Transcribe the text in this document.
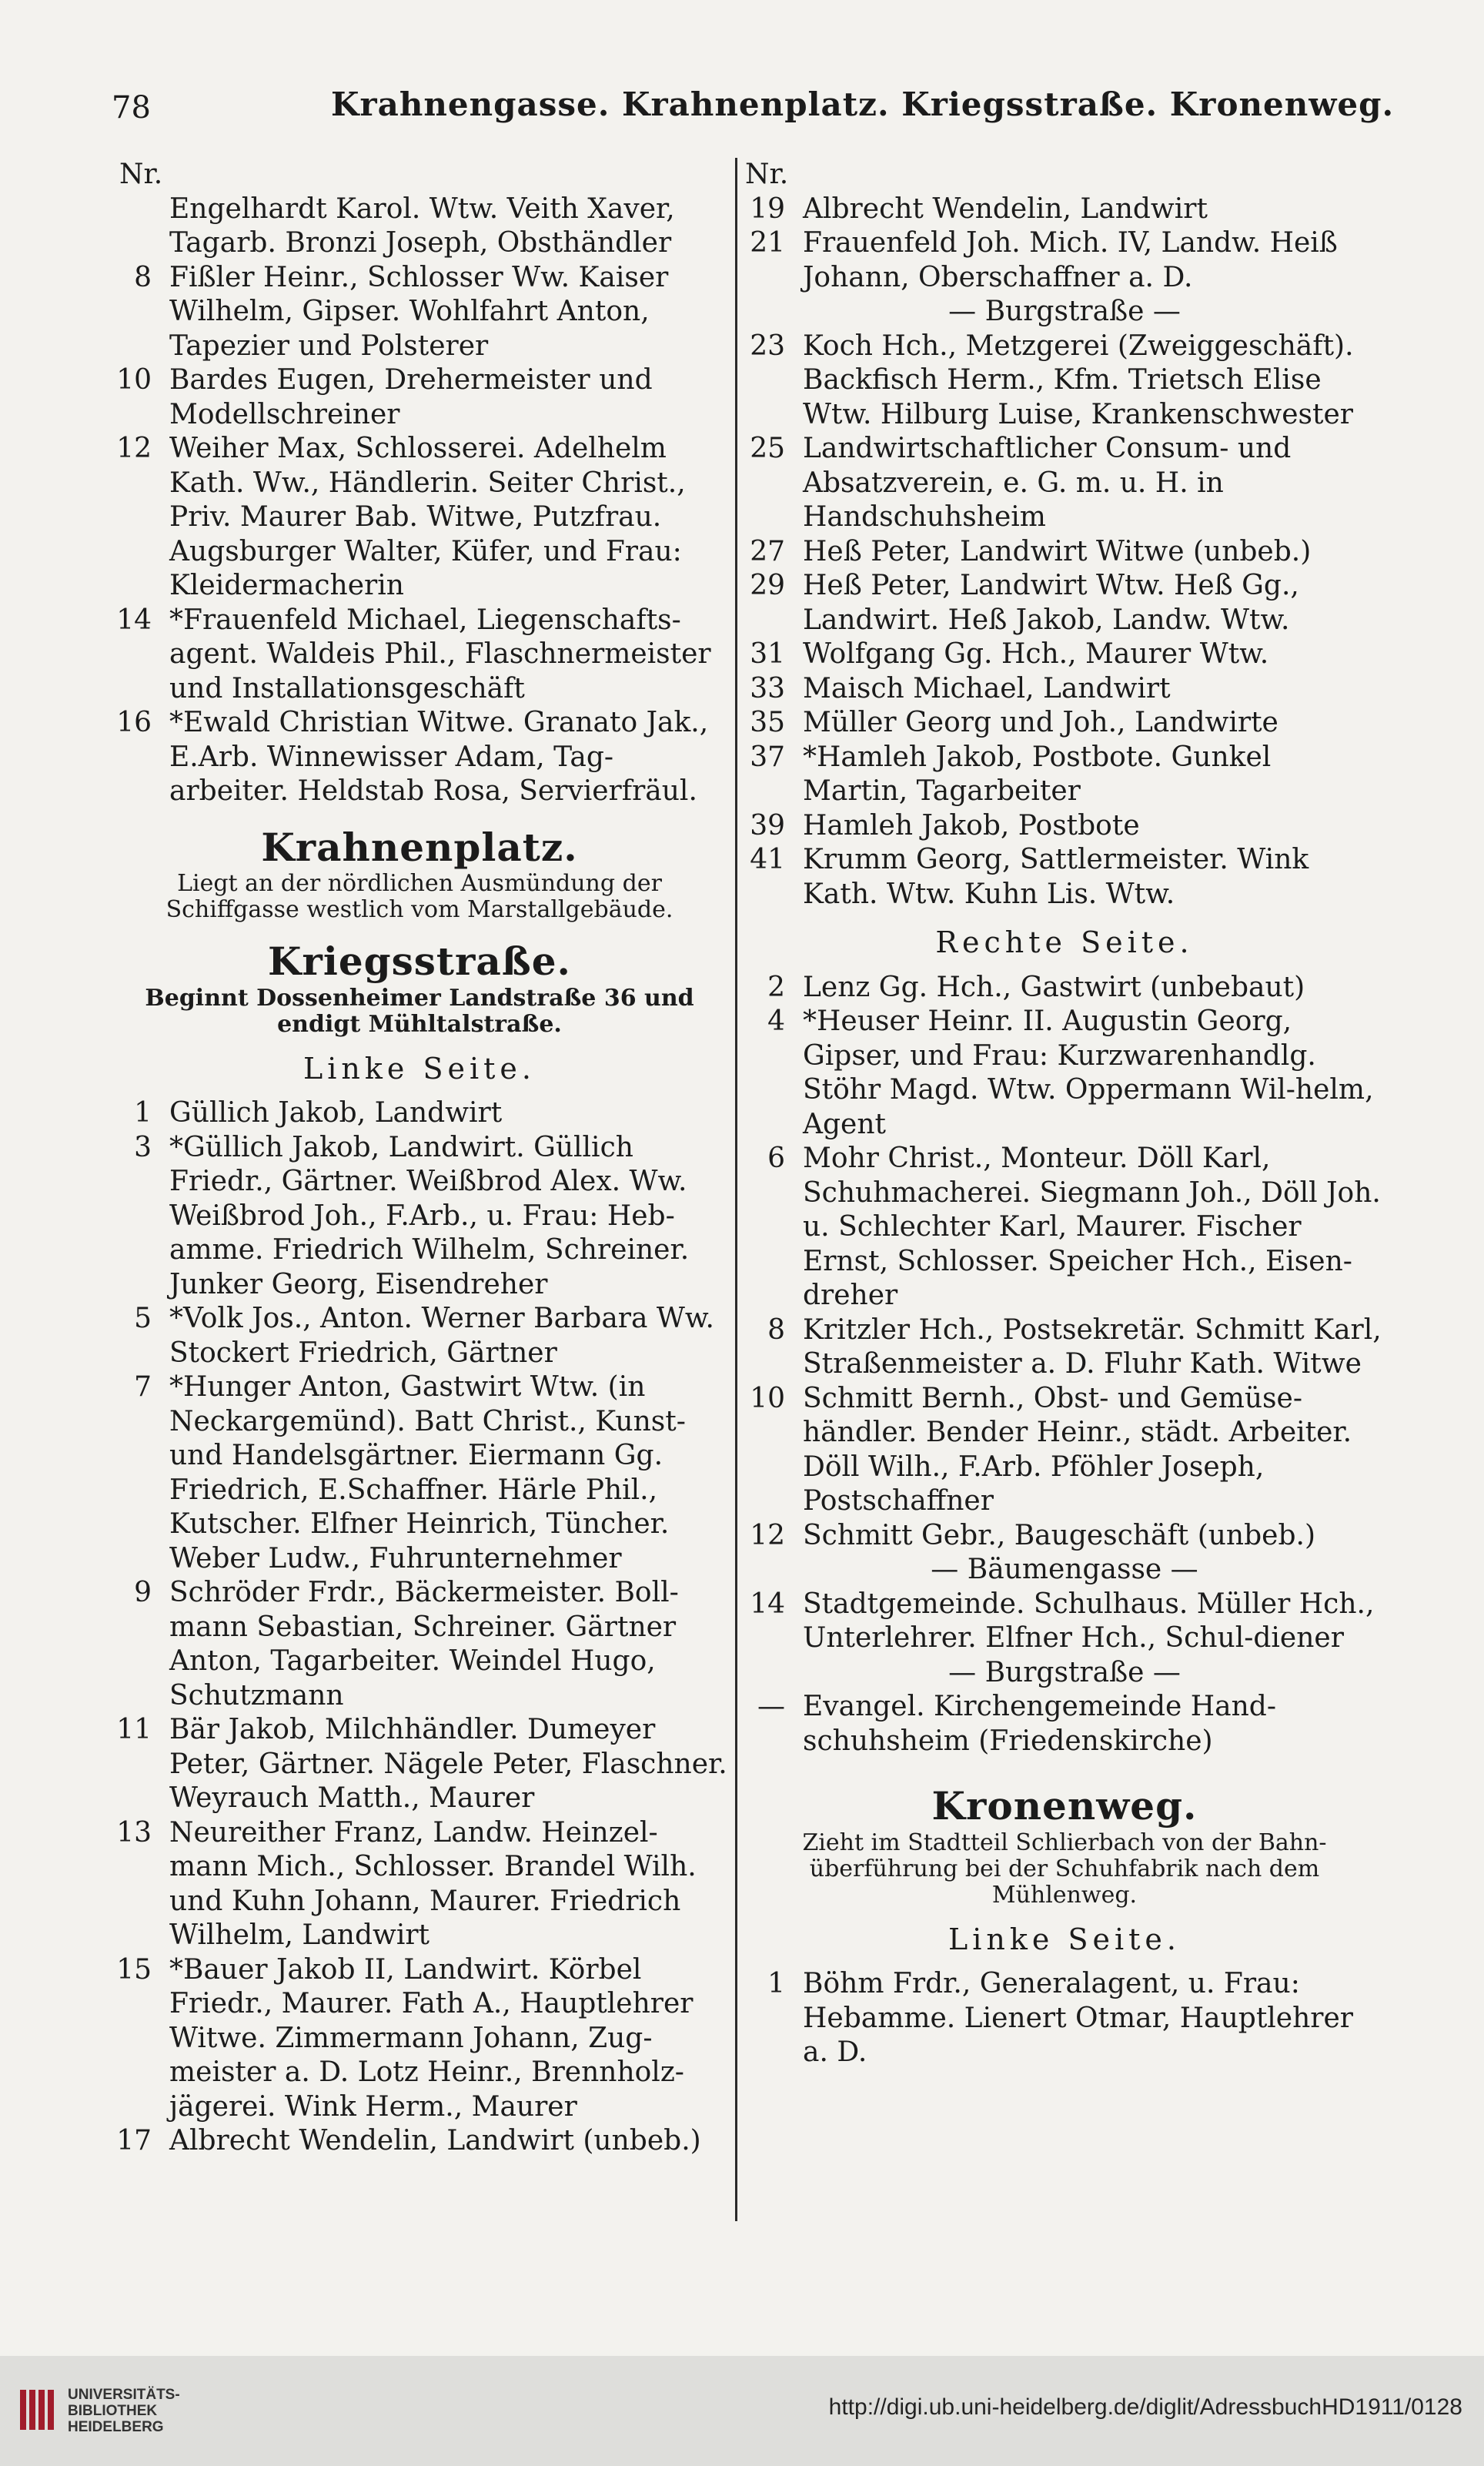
78	Krahnengasse. Krahnenplatz. Kriegsstraße. Kronenweg.

Nr.

Engelhardt Karol. Wtw. Veith Xaver, Tagarb. Bronzi Joseph, Obsthändler

8 Fißler Heinr., Schlosser Ww. Kaiser Wilhelm, Gipser. Wohlfahrt Anton, Tapezier und Polsterer

10 Bardes Eugen, Drehermeister und Modellschreiner

12 Weiher Max, Schlosserei. Adelhelm Kath. Ww., Händlerin. Seiter Christ., Priv. Maurer Bab. Witwe, Putzfrau. Augsburger Walter, Küfer, und Frau: Kleidermacherin

14 *Frauenfeld Michael, Liegenschafts-agent. Waldeis Phil., Flaschnermeister und Installationsgeschäft

16 *Ewald Christian Witwe. Granato Jak., E.Arb. Winnewisser Adam, Tag-arbeiter. Heldstab Rosa, Servierfräul.

Krahnenplatz.

Liegt an der nördlichen Ausmündung der Schiffgasse westlich vom Marstallgebäude.

Kriegsstraße.

Beginnt Dossenheimer Landstraße 36 und endigt Mühltalstraße.

Linke Seite.

1 Güllich Jakob, Landwirt

3 *Güllich Jakob, Landwirt. Güllich Friedr., Gärtner. Weißbrod Alex. Ww. Weißbrod Joh., F.Arb., u. Frau: Heb-amme. Friedrich Wilhelm, Schreiner. Junker Georg, Eisendreher

5 *Volk Jos., Anton. Werner Barbara Ww. Stockert Friedrich, Gärtner

7 *Hunger Anton, Gastwirt Wtw. (in Neckargemünd). Batt Christ., Kunst- und Handelsgärtner. Eiermann Gg. Friedrich, E.Schaffner. Härle Phil., Kutscher. Elfner Heinrich, Tüncher. Weber Ludw., Fuhrunternehmer

9 Schröder Frdr., Bäckermeister. Boll-mann Sebastian, Schreiner. Gärtner Anton, Tagarbeiter. Weindel Hugo, Schutzmann

11 Bär Jakob, Milchhändler. Dumeyer Peter, Gärtner. Nägele Peter, Flaschner. Weyrauch Matth., Maurer

13 Neureither Franz, Landw. Heinzel-mann Mich., Schlosser. Brandel Wilh. und Kuhn Johann, Maurer. Friedrich Wilhelm, Landwirt

15 *Bauer Jakob II, Landwirt. Körbel Friedr., Maurer. Fath A., Hauptlehrer Witwe. Zimmermann Johann, Zug-meister a. D. Lotz Heinr., Brennholz-jägerei. Wink Herm., Maurer

17 Albrecht Wendelin, Landwirt (unbeb.)

Nr.

19 Albrecht Wendelin, Landwirt

21 Frauenfeld Joh. Mich. IV, Landw. Heiß Johann, Oberschaffner a. D.

— Burgstraße —

23 Koch Hch., Metzgerei (Zweiggeschäft). Backfisch Herm., Kfm. Trietsch Elise Wtw. Hilburg Luise, Krankenschwester

25 Landwirtschaftlicher Consum- und Absatzverein, e. G. m. u. H. in Handschuhsheim

27 Heß Peter, Landwirt Witwe (unbeb.)

29 Heß Peter, Landwirt Wtw. Heß Gg., Landwirt. Heß Jakob, Landw. Wtw.

31 Wolfgang Gg. Hch., Maurer Wtw.

33 Maisch Michael, Landwirt

35 Müller Georg und Joh., Landwirte

37 *Hamleh Jakob, Postbote. Gunkel Martin, Tagarbeiter

39 Hamleh Jakob, Postbote

41 Krumm Georg, Sattlermeister. Wink Kath. Wtw. Kuhn Lis. Wtw.

Rechte Seite.

2 Lenz Gg. Hch., Gastwirt (unbebaut)

4 *Heuser Heinr. II. Augustin Georg, Gipser, und Frau: Kurzwarenhandlg. Stöhr Magd. Wtw. Oppermann Wil-helm, Agent

6 Mohr Christ., Monteur. Döll Karl, Schuhmacherei. Siegmann Joh., Döll Joh. u. Schlechter Karl, Maurer. Fischer Ernst, Schlosser. Speicher Hch., Eisen-dreher

8 Kritzler Hch., Postsekretär. Schmitt Karl, Straßenmeister a. D. Fluhr Kath. Witwe

10 Schmitt Bernh., Obst- und Gemüse-händler. Bender Heinr., städt. Arbeiter. Döll Wilh., F.Arb. Pföhler Joseph, Postschaffner

12 Schmitt Gebr., Baugeschäft (unbeb.)

— Bäumengasse —

14 Stadtgemeinde. Schulhaus. Müller Hch., Unterlehrer. Elfner Hch., Schul-diener

— Burgstraße —

— Evangel. Kirchengemeinde Hand-schuhsheim (Friedenskirche)

Kronenweg.

Zieht im Stadtteil Schlierbach von der Bahn-überführung bei der Schuhfabrik nach dem Mühlenweg.

Linke Seite.

1 Böhm Frdr., Generalagent, u. Frau: Hebamme. Lienert Otmar, Hauptlehrer a. D.

UNIVERSITÄTS-
BIBLIOTHEK
HEIDELBERG
http://digi.ub.uni-heidelberg.de/diglit/AdressbuchHD1911/0128
